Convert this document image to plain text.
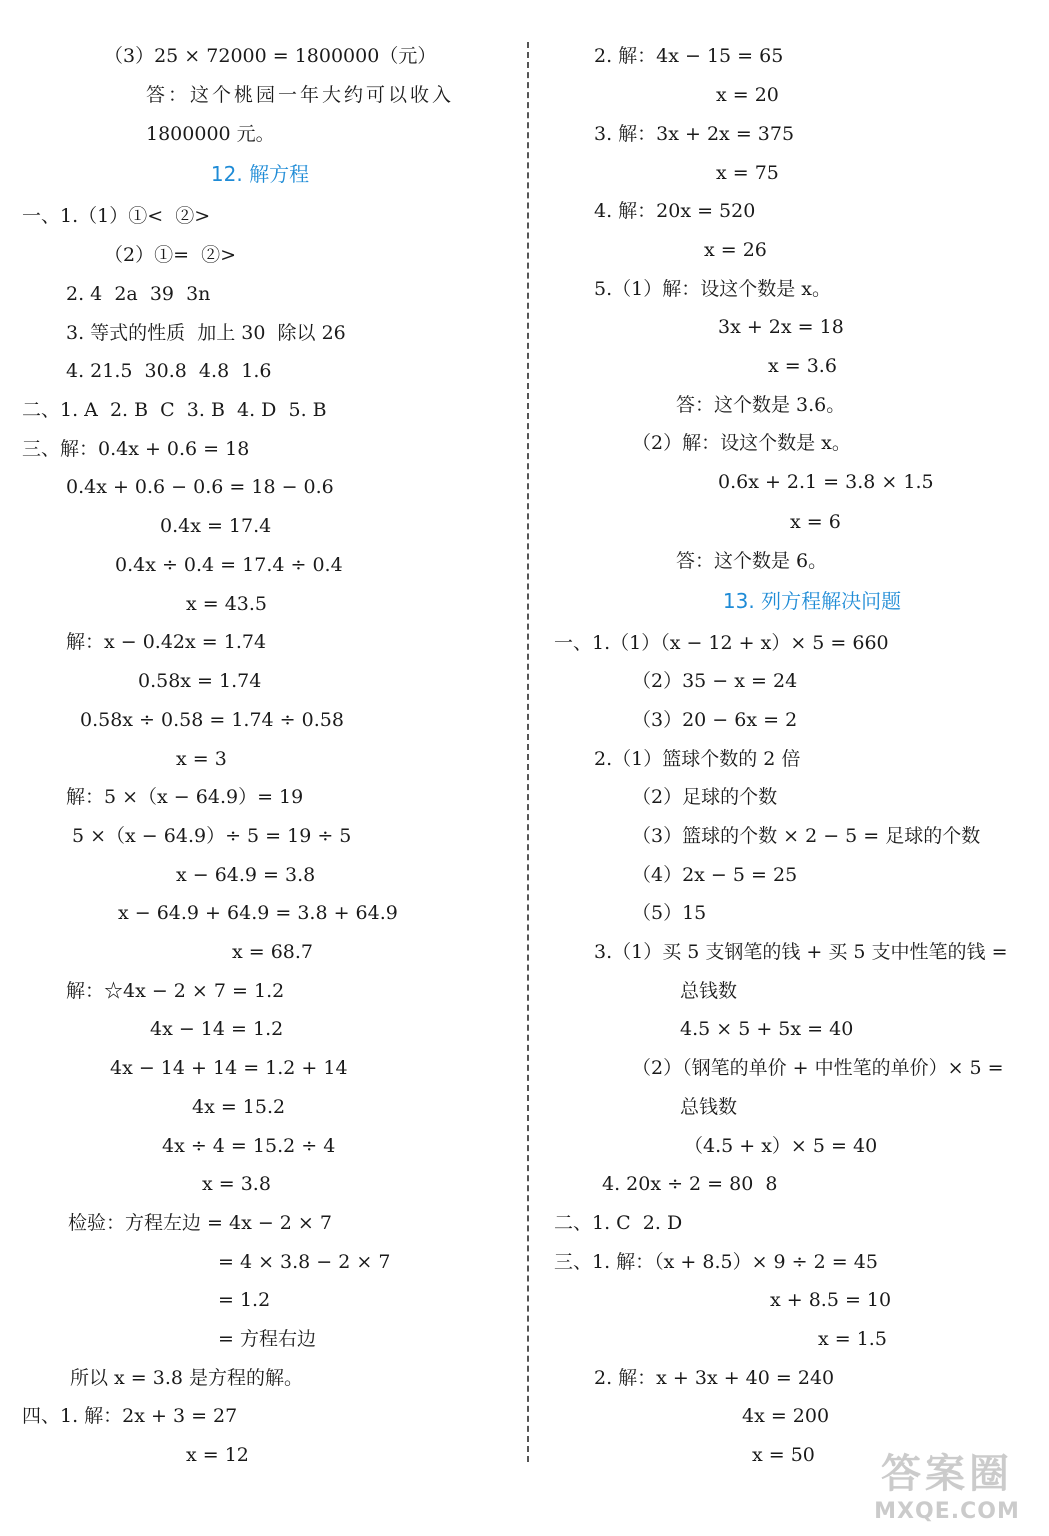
（3）25 × 72000 = 1800000（元）
答：这个桃园一年大约可以收入
1800000 元。
12. 解方程
一、1.（1）①<  ②>
（2）①=  ②>
2. 4  2a  39  3n
3. 等式的性质  加上 30  除以 26
4. 21.5  30.8  4.8  1.6
二、1. A  2. B  C  3. B  4. D  5. B
三、解：0.4x + 0.6 = 18
0.4x + 0.6 − 0.6 = 18 − 0.6
0.4x = 17.4
0.4x ÷ 0.4 = 17.4 ÷ 0.4
x = 43.5
解：x − 0.42x = 1.74
0.58x = 1.74
0.58x ÷ 0.58 = 1.74 ÷ 0.58
x = 3
解：5 ×（x − 64.9）= 19
5 ×（x − 64.9）÷ 5 = 19 ÷ 5
x − 64.9 = 3.8
x − 64.9 + 64.9 = 3.8 + 64.9
x = 68.7
解：☆4x − 2 × 7 = 1.2
4x − 14 = 1.2
4x − 14 + 14 = 1.2 + 14
4x = 15.2
4x ÷ 4 = 15.2 ÷ 4
x = 3.8
检验：方程左边 = 4x − 2 × 7
= 4 × 3.8 − 2 × 7
= 1.2
= 方程右边
所以 x = 3.8 是方程的解。
四、1. 解：2x + 3 = 27
x = 12
2. 解：4x − 15 = 65
x = 20
3. 解：3x + 2x = 375
x = 75
4. 解：20x = 520
x = 26
5.（1）解：设这个数是 x。
3x + 2x = 18
x = 3.6
答：这个数是 3.6。
（2）解：设这个数是 x。
0.6x + 2.1 = 3.8 × 1.5
x = 6
答：这个数是 6。
13. 列方程解决问题
一、1.（1）（x − 12 + x）× 5 = 660
（2）35 − x = 24
（3）20 − 6x = 2
2.（1）篮球个数的 2 倍
（2）足球的个数
（3）篮球的个数 × 2 − 5 = 足球的个数
（4）2x − 5 = 25
（5）15
3.（1）买 5 支钢笔的钱 + 买 5 支中性笔的钱 =
总钱数
4.5 × 5 + 5x = 40
（2）（钢笔的单价 + 中性笔的单价）× 5 =
总钱数
（4.5 + x）× 5 = 40
4. 20x ÷ 2 = 80  8
二、1. C  2. D
三、1. 解：（x + 8.5）× 9 ÷ 2 = 45
x + 8.5 = 10
x = 1.5
2. 解：x + 3x + 40 = 240
4x = 200
x = 50	答案圈
MXQE.COM
